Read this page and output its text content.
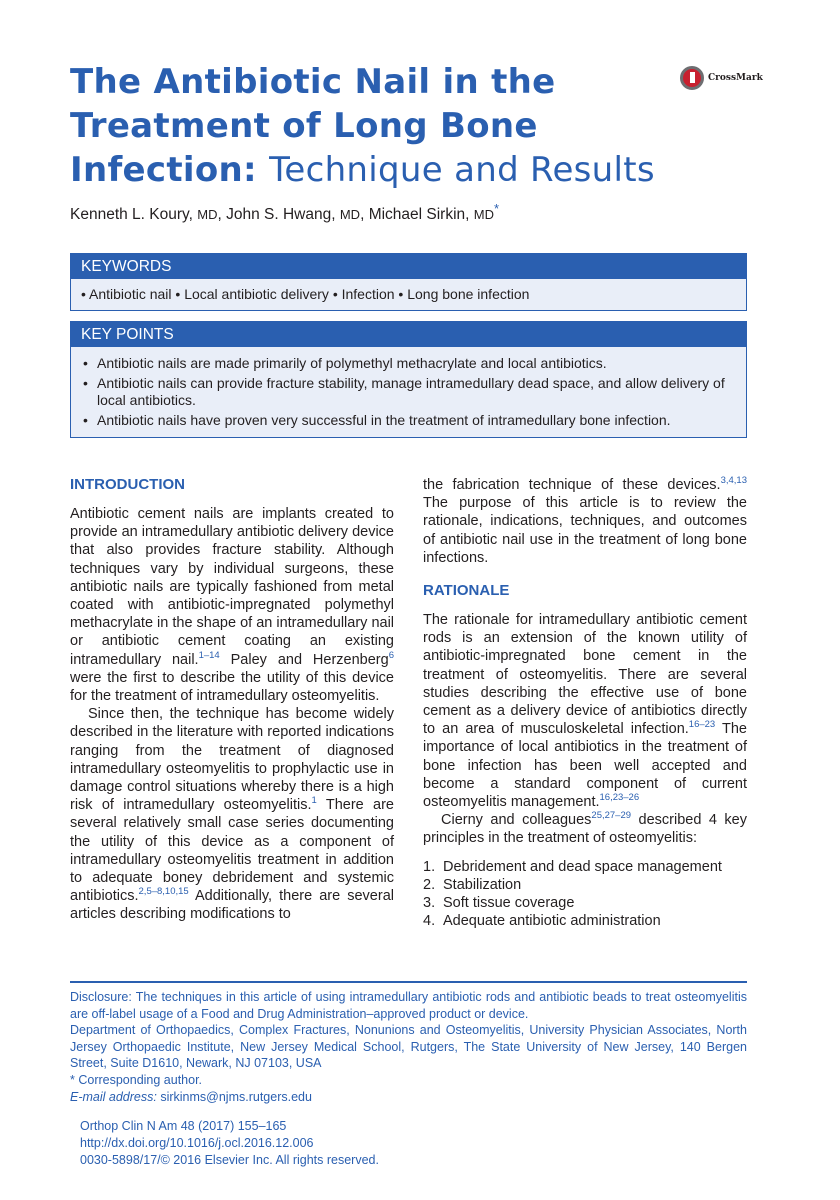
The Antibiotic Nail in the
Treatment of Long Bone
Infection: Technique and Results
CrossMark
Kenneth L. Koury, MD, John S. Hwang, MD, Michael Sirkin, MD*
KEYWORDS
• Antibiotic nail • Local antibiotic delivery • Infection • Long bone infection
KEY POINTS
• Antibiotic nails are made primarily of polymethyl methacrylate and local antibiotics.
• Antibiotic nails can provide fracture stability, manage intramedullary dead space, and allow delivery of local antibiotics.
• Antibiotic nails have proven very successful in the treatment of intramedullary bone infection.
INTRODUCTION

Antibiotic cement nails are implants created to provide an intramedullary antibiotic delivery device that also provides fracture stability. Although techniques vary by individual surgeons, these antibiotic nails are typically fashioned from metal coated with antibiotic-impregnated polymethyl methacrylate in the shape of an intramedullary nail or antibiotic cement coating an existing intramedullary nail.$^{1-14}$ Paley and Herzenberg$^6$ were the first to describe the utility of this device for the treatment of intramedullary osteomyelitis.

Since then, the technique has become widely described in the literature with reported indications ranging from the treatment of diagnosed intramedullary osteomyelitis to prophylactic use in damage control situations whereby there is a high risk of intramedullary osteomyelitis.$^1$ There are several relatively small case series documenting the utility of this device as a component of intramedullary osteomyelitis treatment in addition to adequate boney debridement and systemic antibiotics.$^{2,5-8,10,15}$ Additionally, there are several articles describing modifications to

the fabrication technique of these devices.$^{3,4,13}$ The purpose of this article is to review the rationale, indications, techniques, and outcomes of antibiotic nail use in the treatment of long bone infections.

RATIONALE

The rationale for intramedullary antibiotic cement rods is an extension of the known utility of antibiotic-impregnated bone cement in the treatment of osteomyelitis. There are several studies describing the effective use of bone cement as a delivery device of antibiotics directly to an area of musculoskeletal infection.$^{16-23}$ The importance of local antibiotics in the treatment of bone infection has been well accepted and become a standard component of current osteomyelitis management.$^{16,23-26}$

Cierny and colleagues$^{25,27-29}$ described 4 key principles in the treatment of osteomyelitis:

1. Debridement and dead space management
2. Stabilization
3. Soft tissue coverage
4. Adequate antibiotic administration
Disclosure: The techniques in this article of using intramedullary antibiotic rods and antibiotic beads to treat osteomyelitis are off-label usage of a Food and Drug Administration–approved product or device.
Department of Orthopaedics, Complex Fractures, Nonunions and Osteomyelitis, University Physician Associates, North Jersey Orthopaedic Institute, New Jersey Medical School, Rutgers, The State University of New Jersey, 140 Bergen Street, Suite D1610, Newark, NJ 07103, USA
* Corresponding author.
E-mail address: sirkinms@njms.rutgers.edu
Orthop Clin N Am 48 (2017) 155–165
http://dx.doi.org/10.1016/j.ocl.2016.12.006
0030-5898/17/© 2016 Elsevier Inc. All rights reserved.
